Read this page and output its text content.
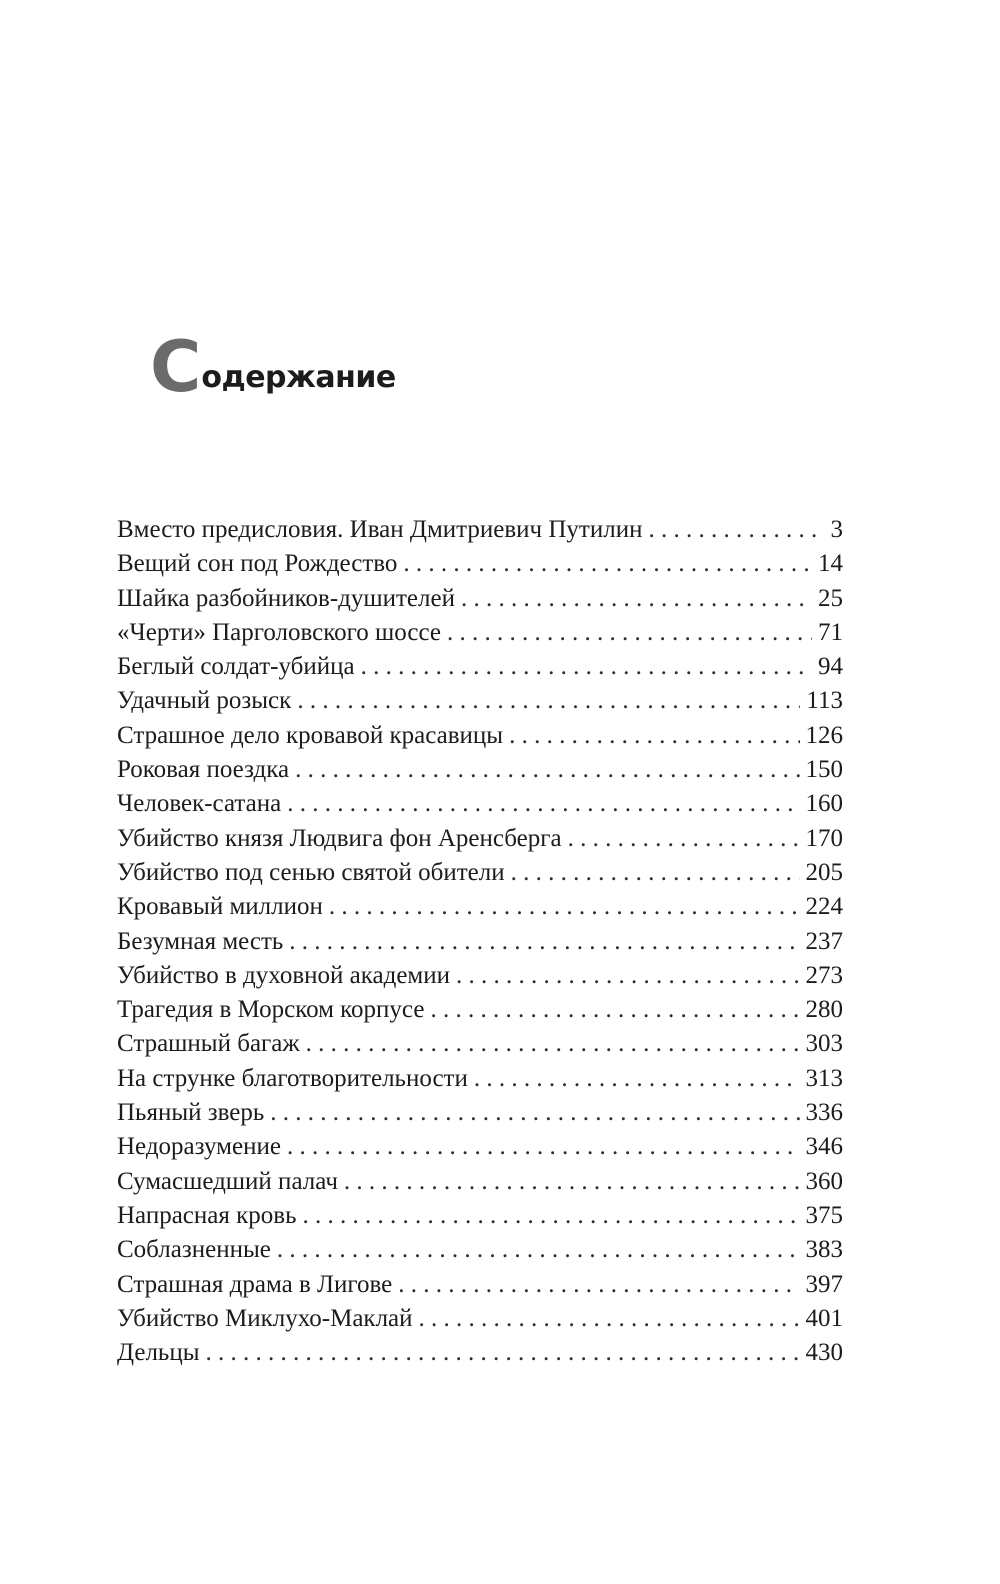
С одержание
Вместо предисловия. Иван Дмитриевич Путилин . . .	3
Вещий сон под Рождество . . .	14
Шайка разбойников-душителей . . .	25
«Черти» Парголовского шоссе . . .	71
Беглый солдат-убийца . . .	94
Удачный розыск . . .	113
Страшное дело кровавой красавицы . . .	126
Роковая поездка . . .	150
Человек-сатана . . .	160
Убийство князя Людвига фон Аренсберга . . .	170
Убийство под сенью святой обители . . .	205
Кровавый миллион . . .	224
Безумная месть . . .	237
Убийство в духовной академии . . .	273
Трагедия в Морском корпусе . . .	280
Страшный багаж . . .	303
На струнке благотворительности . . .	313
Пьяный зверь . . .	336
Недоразумение . . .	346
Сумасшедший палач . . .	360
Напрасная кровь . . .	375
Соблазненные . . .	383
Страшная драма в Лигове . . .	397
Убийство Миклухо-Маклай . . .	401
Дельцы . . .	430
